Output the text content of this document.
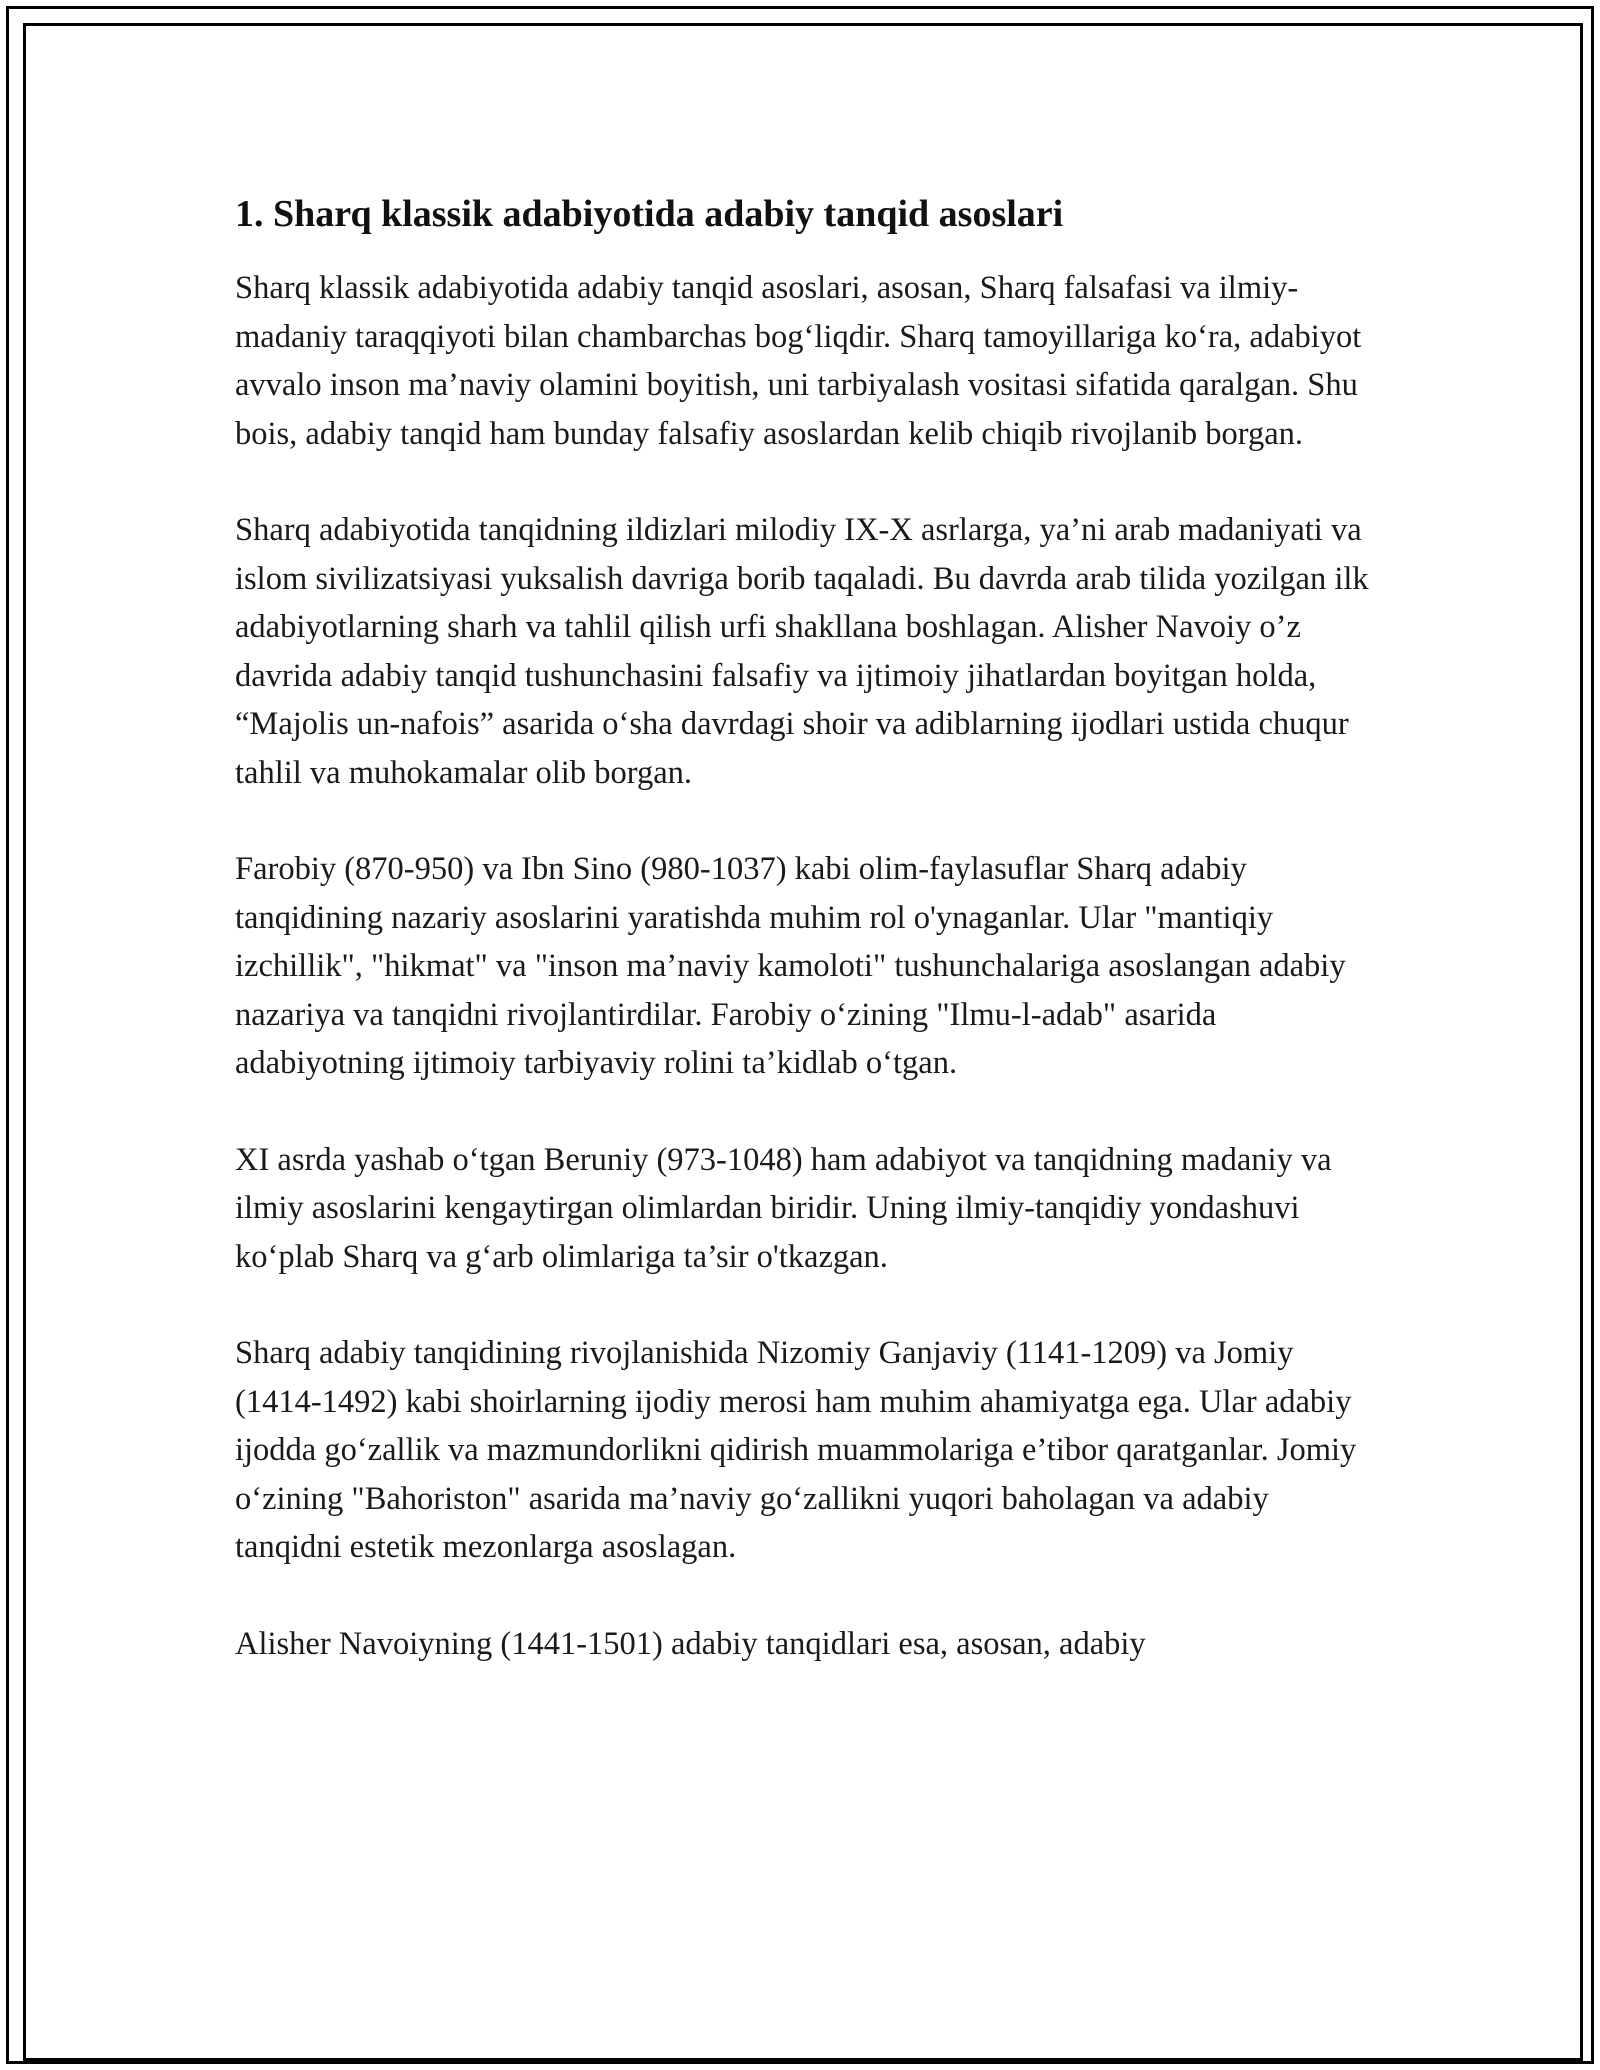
1. Sharq klassik adabiyotida adabiy tanqid asoslari

Sharq klassik adabiyotida adabiy tanqid asoslari, asosan, Sharq falsafasi va ilmiy-madaniy taraqqiyoti bilan chambarchas bog‘liqdir. Sharq tamoyillariga ko‘ra, adabiyot avvalo inson ma’naviy olamini boyitish, uni tarbiyalash vositasi sifatida qaralgan. Shu bois, adabiy tanqid ham bunday falsafiy asoslardan kelib chiqib rivojlanib borgan.

Sharq adabiyotida tanqidning ildizlari milodiy IX-X asrlarga, ya’ni arab madaniyati va islom sivilizatsiyasi yuksalish davriga borib taqaladi. Bu davrda arab tilida yozilgan ilk adabiyotlarning sharh va tahlil qilish urfi shakllana boshlagan. Alisher Navoiy o’z davrida adabiy tanqid tushunchasini falsafiy va ijtimoiy jihatlardan boyitgan holda, “Majolis un-nafois” asarida o‘sha davrdagi shoir va adiblarning ijodlari ustida chuqur tahlil va muhokamalar olib borgan.

Farobiy (870-950) va Ibn Sino (980-1037) kabi olim-faylasuflar Sharq adabiy tanqidining nazariy asoslarini yaratishda muhim rol o'ynaganlar. Ular "mantiqiy izchillik", "hikmat" va "inson ma’naviy kamoloti" tushunchalariga asoslangan adabiy nazariya va tanqidni rivojlantirdilar. Farobiy o‘zining "Ilmu-l-adab" asarida adabiyotning ijtimoiy tarbiyaviy rolini ta’kidlab o‘tgan.

XI asrda yashab o‘tgan Beruniy (973-1048) ham adabiyot va tanqidning madaniy va ilmiy asoslarini kengaytirgan olimlardan biridir. Uning ilmiy-tanqidiy yondashuvi ko‘plab Sharq va g‘arb olimlariga ta’sir o'tkazgan.

Sharq adabiy tanqidining rivojlanishida Nizomiy Ganjaviy (1141-1209) va Jomiy (1414-1492) kabi shoirlarning ijodiy merosi ham muhim ahamiyatga ega. Ular adabiy ijodda go‘zallik va mazmundorlikni qidirish muammolariga e’tibor qaratganlar. Jomiy o‘zining "Bahoriston" asarida ma’naviy go‘zallikni yuqori baholagan va adabiy tanqidni estetik mezonlarga asoslagan.

Alisher Navoiyning (1441-1501) adabiy tanqidlari esa, asosan, adabiy
